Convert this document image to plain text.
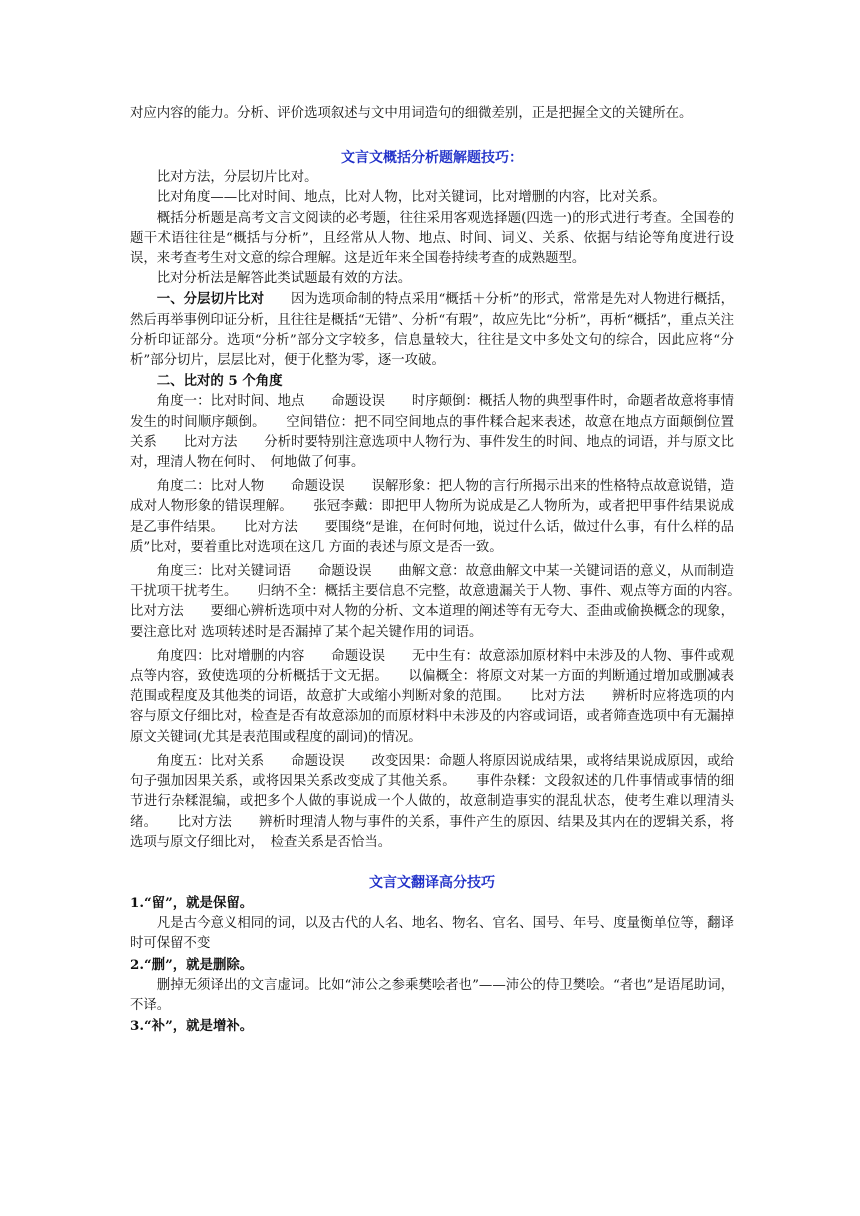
对应内容的能力。分析、评价选项叙述与文中用词造句的细微差别，正是把握全文的关键所在。

文言文概括分析题解题技巧：

比对方法，分层切片比对。

比对角度——比对时间、地点，比对人物，比对关键词，比对增删的内容，比对关系。

概括分析题是高考文言文阅读的必考题，往往采用客观选择题(四选一)的形式进行考查。全国卷的题干术语往往是“概括与分析”，且经常从人物、地点、时间、词义、关系、依据与结论等角度进行设误，来考查考生对文意的综合理解。这是近年来全国卷持续考查的成熟题型。

比对分析法是解答此类试题最有效的方法。

一、分层切片比对　　因为选项命制的特点采用“概括＋分析”的形式，常常是先对人物进行概括，然后再举事例印证分析，且往往是概括“无错”、分析“有瑕”，故应先比“分析”，再析“概括”，重点关注分析印证部分。选项“分析”部分文字较多，信息量较大，往往是文中多处文句的综合，因此应将“分析”部分切片，层层比对，便于化整为零，逐一攻破。

二、比对的 5 个角度

角度一：比对时间、地点　　命题设误　　时序颠倒：概括人物的典型事件时，命题者故意将事情发生的时间顺序颠倒。　　空间错位：把不同空间地点的事件糅合起来表述，故意在地点方面颠倒位置关系　　比对方法　　分析时要特别注意选项中人物行为、事件发生的时间、地点的词语，并与原文比对，理清人物在何时、　何地做了何事。

角度二：比对人物　　命题设误　　误解形象：把人物的言行所揭示出来的性格特点故意说错，造成对人物形象的错误理解。　　张冠李戴：即把甲人物所为说成是乙人物所为，或者把甲事件结果说成是乙事件结果。　　比对方法　　要围绕“是谁，在何时何地，说过什么话，做过什么事，有什么样的品质”比对，要着重比对选项在这几 方面的表述与原文是否一致。

角度三：比对关键词语　　命题设误　　曲解文意：故意曲解文中某一关键词语的意义，从而制造干扰项干扰考生。　　归纳不全：概括主要信息不完整，故意遗漏关于人物、事件、观点等方面的内容。　　比对方法　　要细心辨析选项中对人物的分析、文本道理的阐述等有无夸大、歪曲或偷换概念的现象，要注意比对 选项转述时是否漏掉了某个起关键作用的词语。

角度四：比对增删的内容　　命题设误　　无中生有：故意添加原材料中未涉及的人物、事件或观点等内容，致使选项的分析概括于文无据。　　以偏概全：将原文对某一方面的判断通过增加或删减表范围或程度及其他类的词语，故意扩大或缩小判断对象的范围。　　比对方法　　辨析时应将选项的内容与原文仔细比对，检查是否有故意添加的而原材料中未涉及的内容或词语，或者筛查选项中有无漏掉原文关键词(尤其是表范围或程度的副词)的情况。

角度五：比对关系　　命题设误　　改变因果：命题人将原因说成结果，或将结果说成原因，或给句子强加因果关系，或将因果关系改变成了其他关系。　　事件杂糅：文段叙述的几件事情或事情的细节进行杂糅混编，或把多个人做的事说成一个人做的，故意制造事实的混乱状态，使考生难以理清头绪。　　比对方法　　辨析时理清人物与事件的关系，事件产生的原因、结果及其内在的逻辑关系，将选项与原文仔细比对，　检查关系是否恰当。

文言文翻译高分技巧

1.“留”，就是保留。

凡是古今意义相同的词，以及古代的人名、地名、物名、官名、国号、年号、度量衡单位等，翻译时可保留不变

2.“删”，就是删除。

删掉无须译出的文言虚词。比如“沛公之参乘樊哙者也”——沛公的侍卫樊哙。“者也”是语尾助词，不译。

3.“补”，就是增补。
